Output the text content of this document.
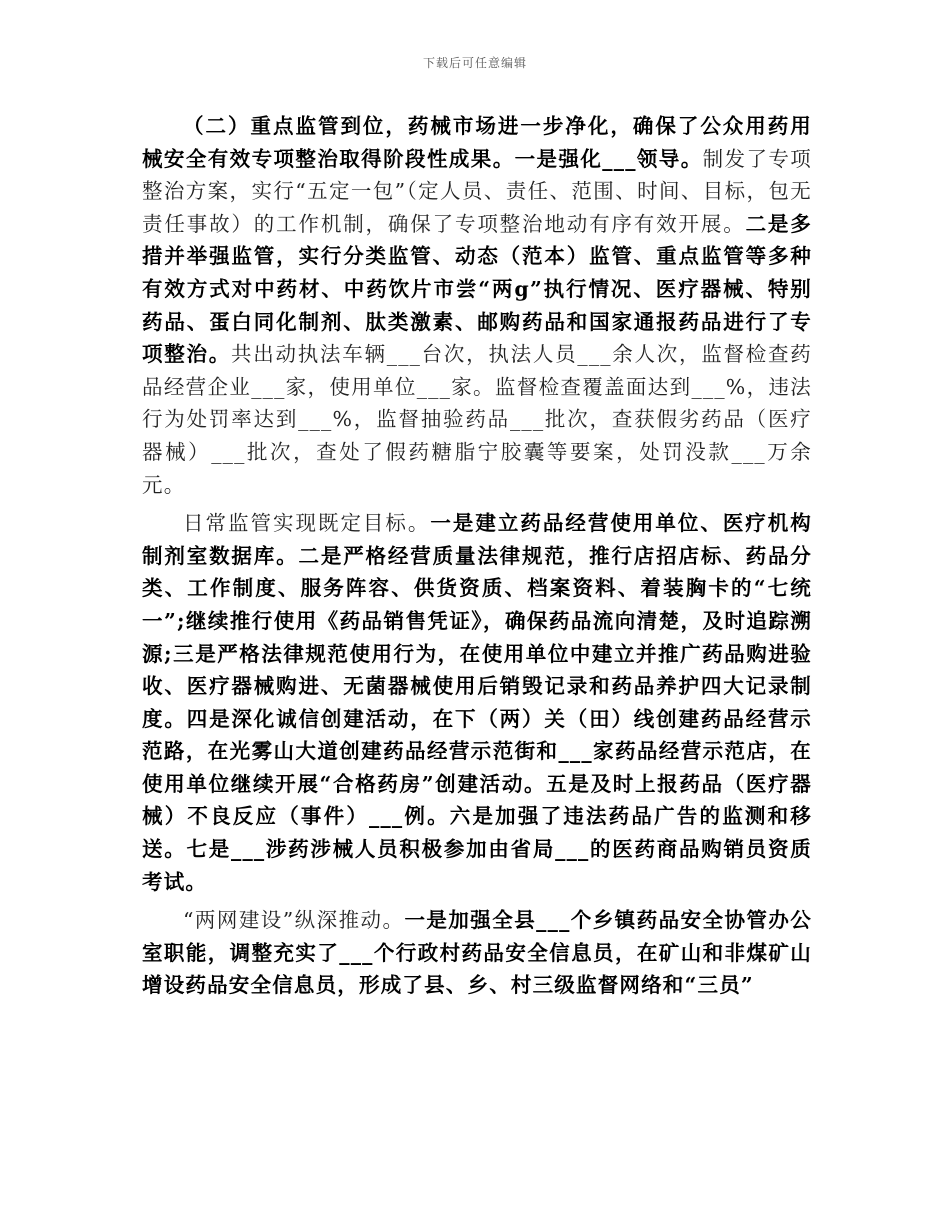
下载后可任意编辑

（二）重点监管到位，药械市场进一步净化，确保了公众用药用械安全有效专项整治取得阶段性成果。一是强化___领导。制发了专项整治方案，实行“五定一包”（定人员、责任、范围、时间、目标，包无责任事故）的工作机制，确保了专项整治地动有序有效开展。二是多措并举强监管，实行分类监管、动态（范本）监管、重点监管等多种有效方式对中药材、中药饮片市尝“两g”执行情况、医疗器械、特别药品、蛋白同化制剂、肽类激素、邮购药品和国家通报药品进行了专项整治。共出动执法车辆___台次，执法人员___余人次，监督检查药品经营企业___家，使用单位___家。监督检查覆盖面达到___%，违法行为处罚率达到___%，监督抽验药品___批次，查获假劣药品（医疗器械）___批次，查处了假药糖脂宁胶囊等要案，处罚没款___万余元。

日常监管实现既定目标。一是建立药品经营使用单位、医疗机构制剂室数据库。二是严格经营质量法律规范，推行店招店标、药品分类、工作制度、服务阵容、供货资质、档案资料、着装胸卡的“七统一”;继续推行使用《药品销售凭证》，确保药品流向清楚，及时追踪溯源;三是严格法律规范使用行为，在使用单位中建立并推广药品购进验收、医疗器械购进、无菌器械使用后销毁记录和药品养护四大记录制度。四是深化诚信创建活动，在下（两）关（田）线创建药品经营示范路，在光雾山大道创建药品经营示范街和___家药品经营示范店，在使用单位继续开展“合格药房”创建活动。五是及时上报药品（医疗器械）不良反应（事件）___例。六是加强了违法药品广告的监测和移送。七是___涉药涉械人员积极参加由省局___的医药商品购销员资质考试。

“两网建设”纵深推动。一是加强全县___个乡镇药品安全协管办公室职能，调整充实了___个行政村药品安全信息员，在矿山和非煤矿山增设药品安全信息员，形成了县、乡、村三级监督网络和“三员”
